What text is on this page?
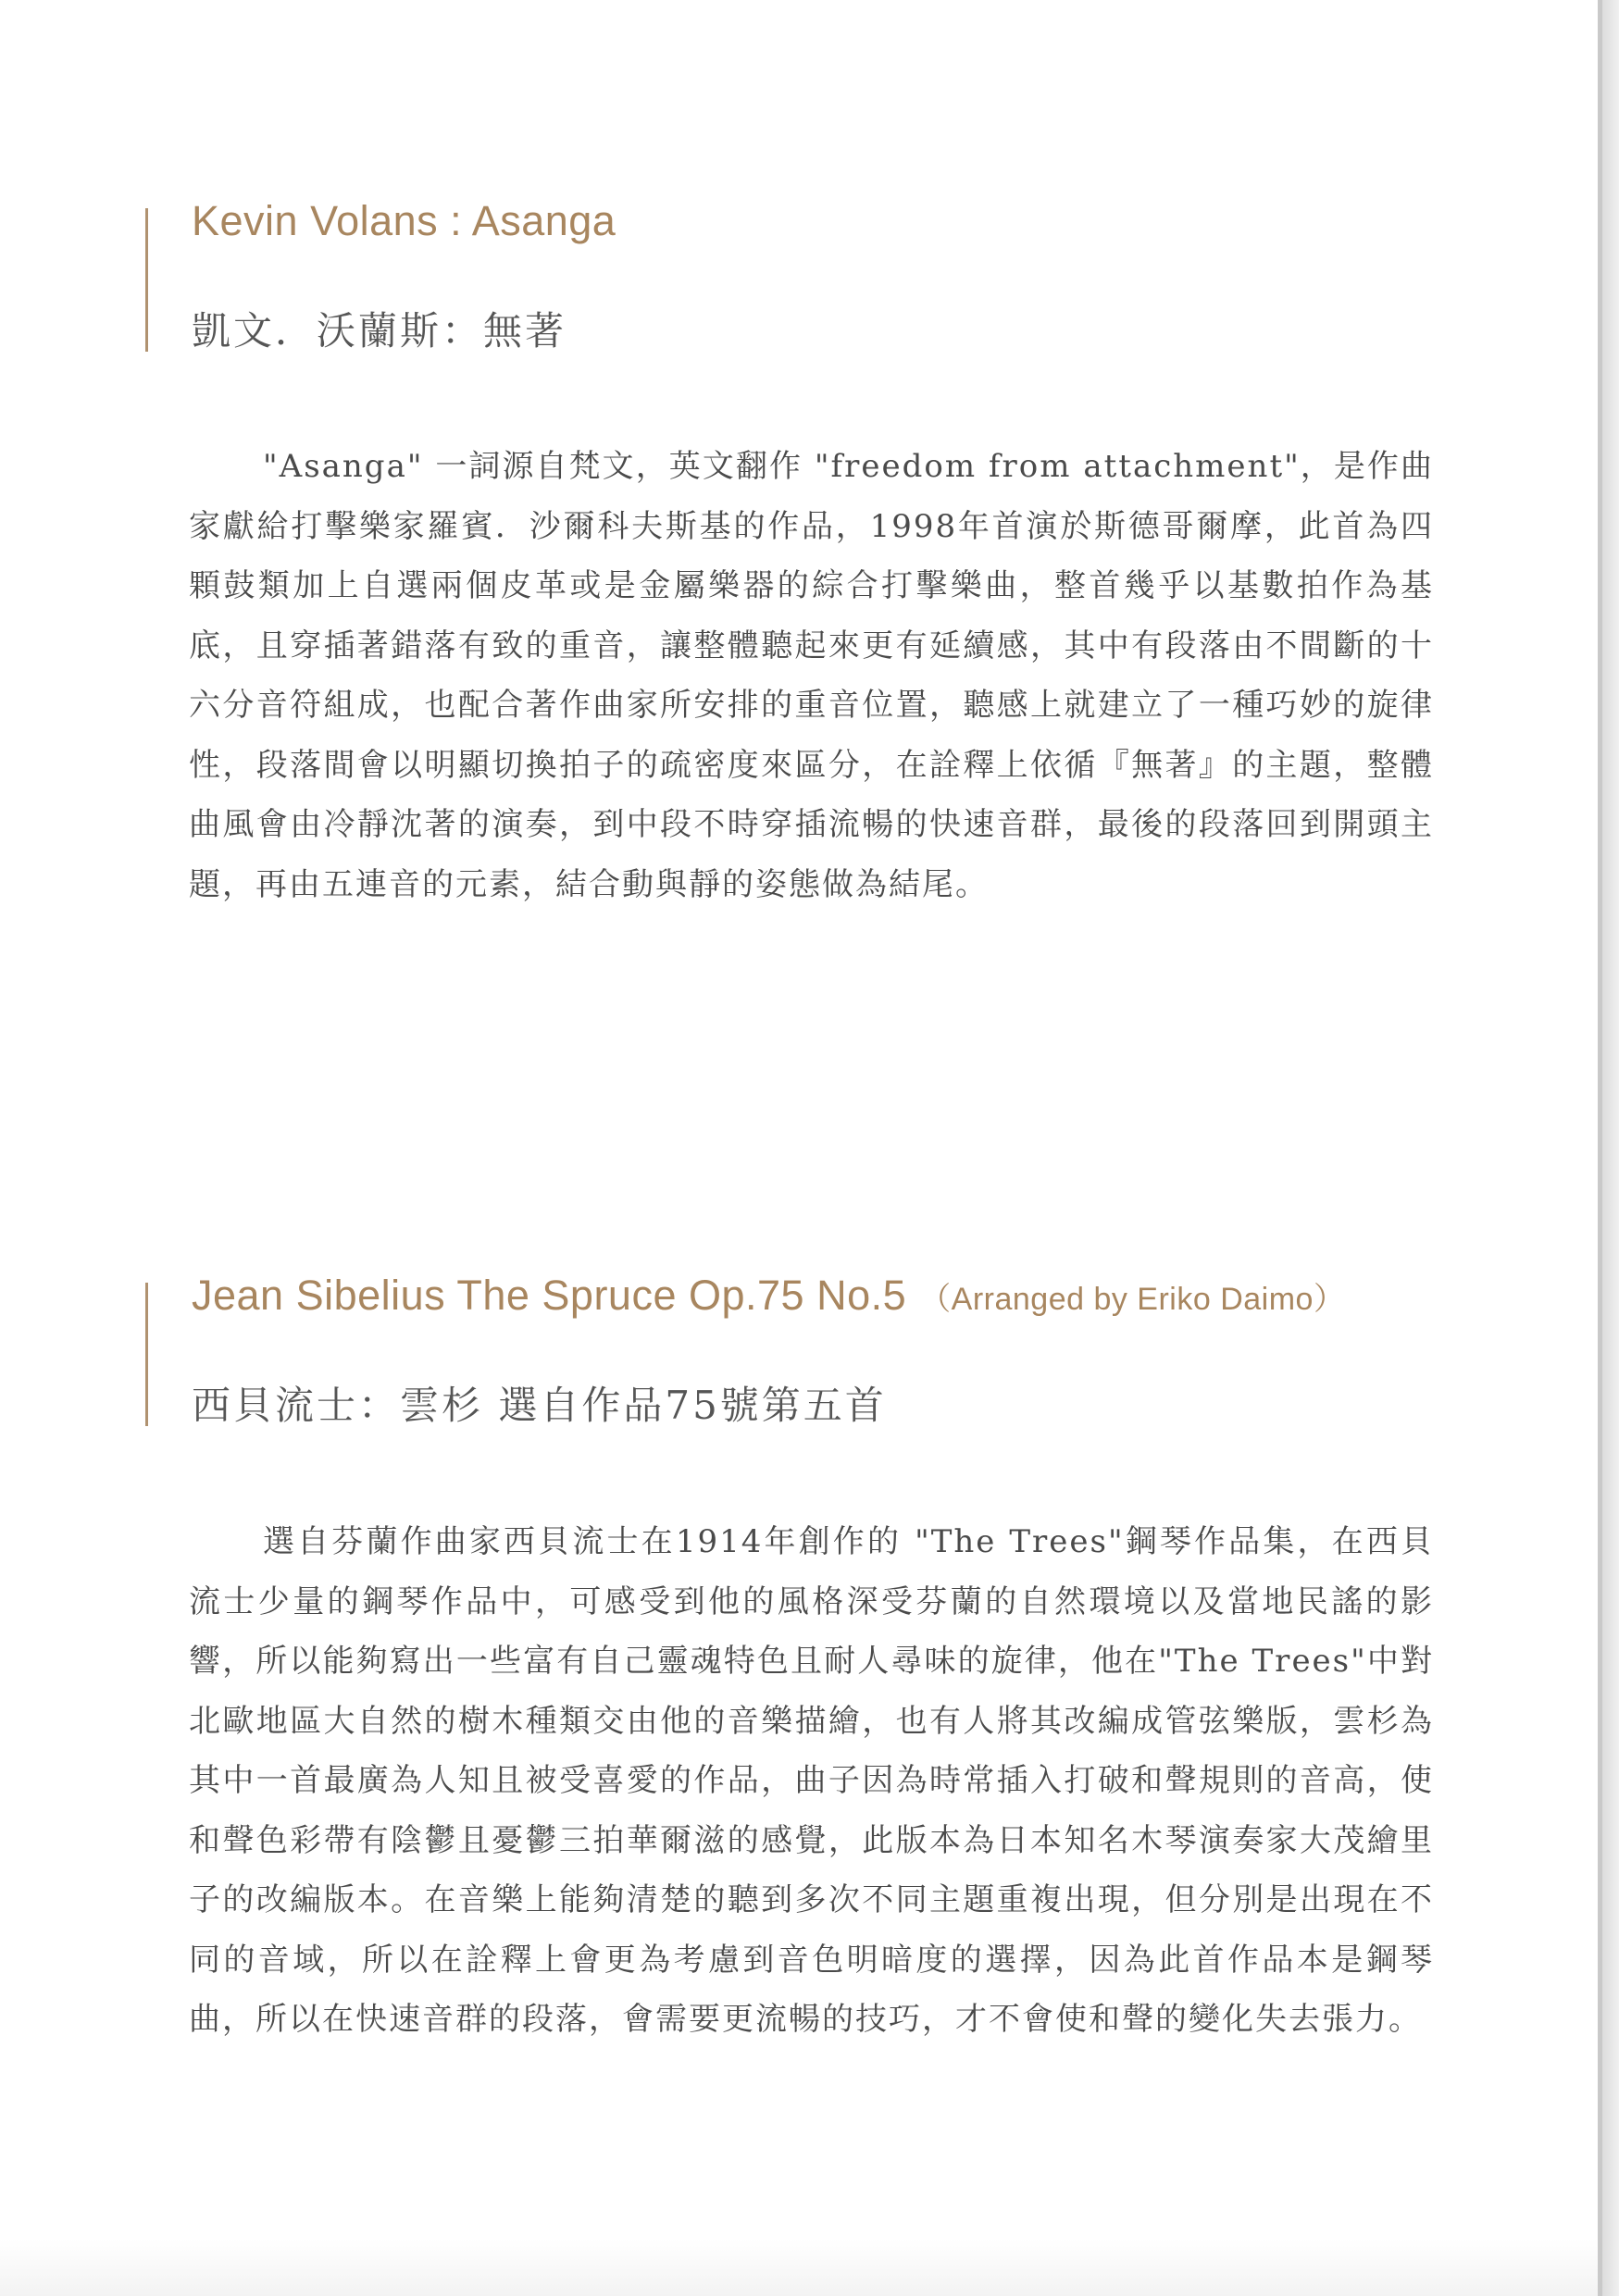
Kevin Volans : Asanga
凱文．沃蘭斯：無著

"Asanga" 一詞源自梵文，英文翻作 "freedom from attachment"，是作曲家獻給打擊樂家羅賓．沙爾科夫斯基的作品，1998年首演於斯德哥爾摩，此首為四顆鼓類加上自選兩個皮革或是金屬樂器的綜合打擊樂曲，整首幾乎以基數拍作為基底，且穿插著錯落有致的重音，讓整體聽起來更有延續感，其中有段落由不間斷的十六分音符組成，也配合著作曲家所安排的重音位置，聽感上就建立了一種巧妙的旋律性，段落間會以明顯切換拍子的疏密度來區分，在詮釋上依循『無著』的主題，整體曲風會由冷靜沈著的演奏，到中段不時穿插流暢的快速音群，最後的段落回到開頭主題，再由五連音的元素，結合動與靜的姿態做為結尾。

Jean Sibelius The Spruce Op.75 No.5 （Arranged by Eriko Daimo）
西貝流士：雲杉 選自作品75號第五首

選自芬蘭作曲家西貝流士在1914年創作的 "The Trees"鋼琴作品集，在西貝流士少量的鋼琴作品中，可感受到他的風格深受芬蘭的自然環境以及當地民謠的影響，所以能夠寫出一些富有自己靈魂特色且耐人尋味的旋律，他在"The Trees"中對北歐地區大自然的樹木種類交由他的音樂描繪，也有人將其改編成管弦樂版，雲杉為其中一首最廣為人知且被受喜愛的作品，曲子因為時常插入打破和聲規則的音高，使和聲色彩帶有陰鬱且憂鬱三拍華爾滋的感覺，此版本為日本知名木琴演奏家大茂繪里子的改編版本。在音樂上能夠清楚的聽到多次不同主題重複出現，但分別是出現在不同的音域，所以在詮釋上會更為考慮到音色明暗度的選擇，因為此首作品本是鋼琴曲，所以在快速音群的段落，會需要更流暢的技巧，才不會使和聲的變化失去張力。
